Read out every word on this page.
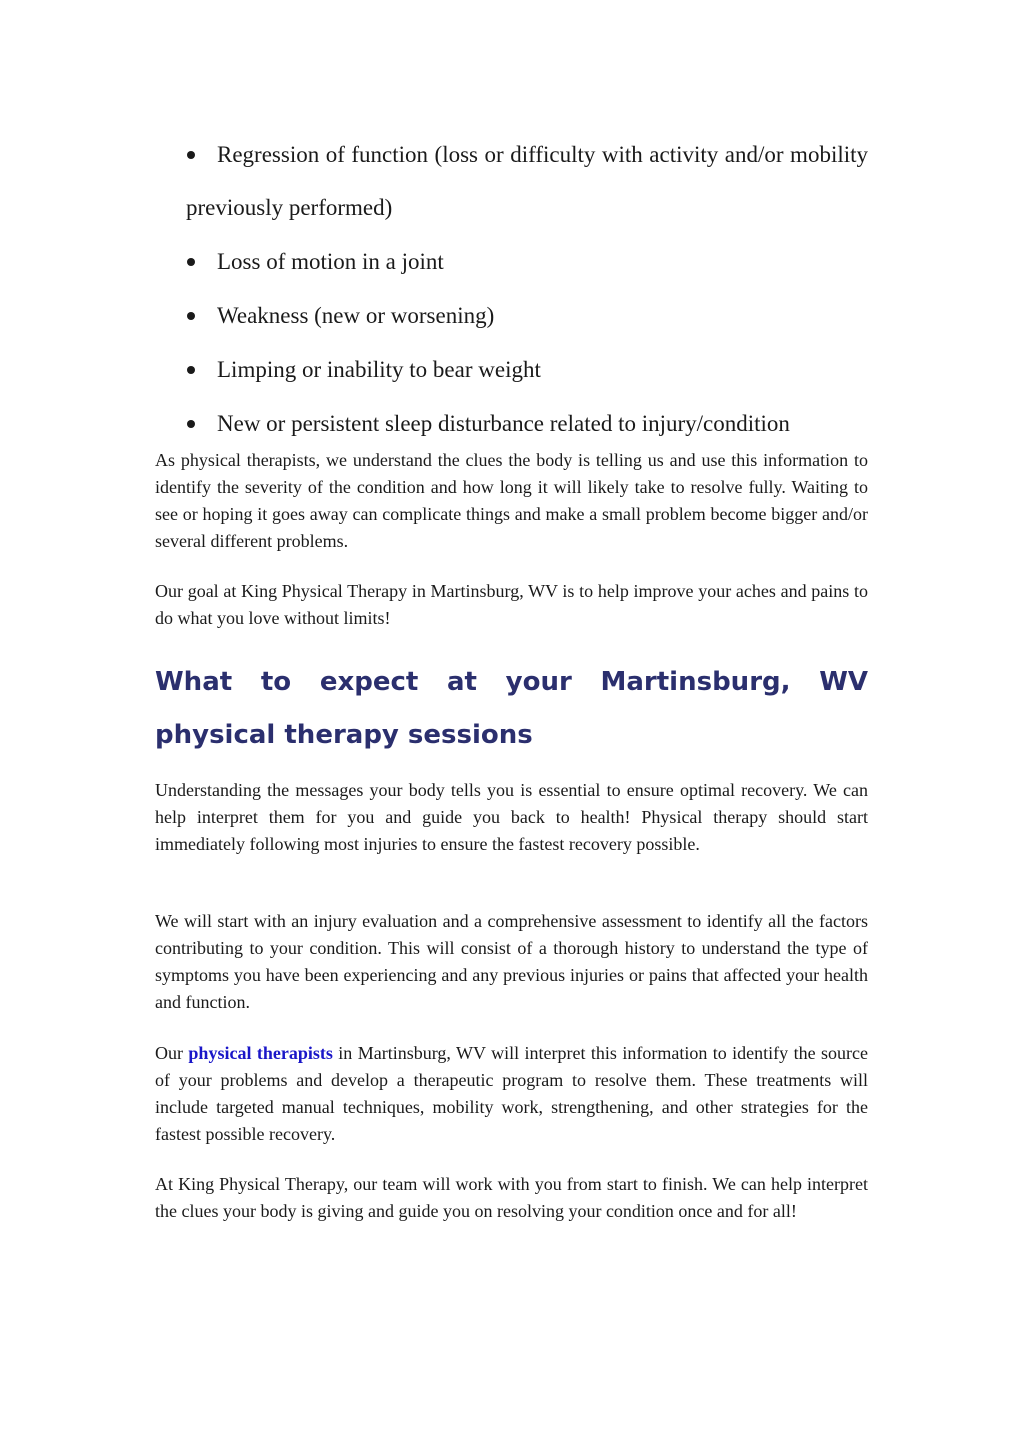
Regression of function (loss or difficulty with activity and/or mobility previously performed)
Loss of motion in a joint
Weakness (new or worsening)
Limping or inability to bear weight
New or persistent sleep disturbance related to injury/condition

As physical therapists, we understand the clues the body is telling us and use this information to identify the severity of the condition and how long it will likely take to resolve fully. Waiting to see or hoping it goes away can complicate things and make a small problem become bigger and/or several different problems.

Our goal at King Physical Therapy in Martinsburg, WV is to help improve your aches and pains to do what you love without limits!

What to expect at your Martinsburg, WV physical therapy sessions

Understanding the messages your body tells you is essential to ensure optimal recovery. We can help interpret them for you and guide you back to health! Physical therapy should start immediately following most injuries to ensure the fastest recovery possible.

We will start with an injury evaluation and a comprehensive assessment to identify all the factors contributing to your condition. This will consist of a thorough history to understand the type of symptoms you have been experiencing and any previous injuries or pains that affected your health and function.

Our physical therapists in Martinsburg, WV will interpret this information to identify the source of your problems and develop a therapeutic program to resolve them. These treatments will include targeted manual techniques, mobility work, strengthening, and other strategies for the fastest possible recovery.

At King Physical Therapy, our team will work with you from start to finish. We can help interpret the clues your body is giving and guide you on resolving your condition once and for all!
